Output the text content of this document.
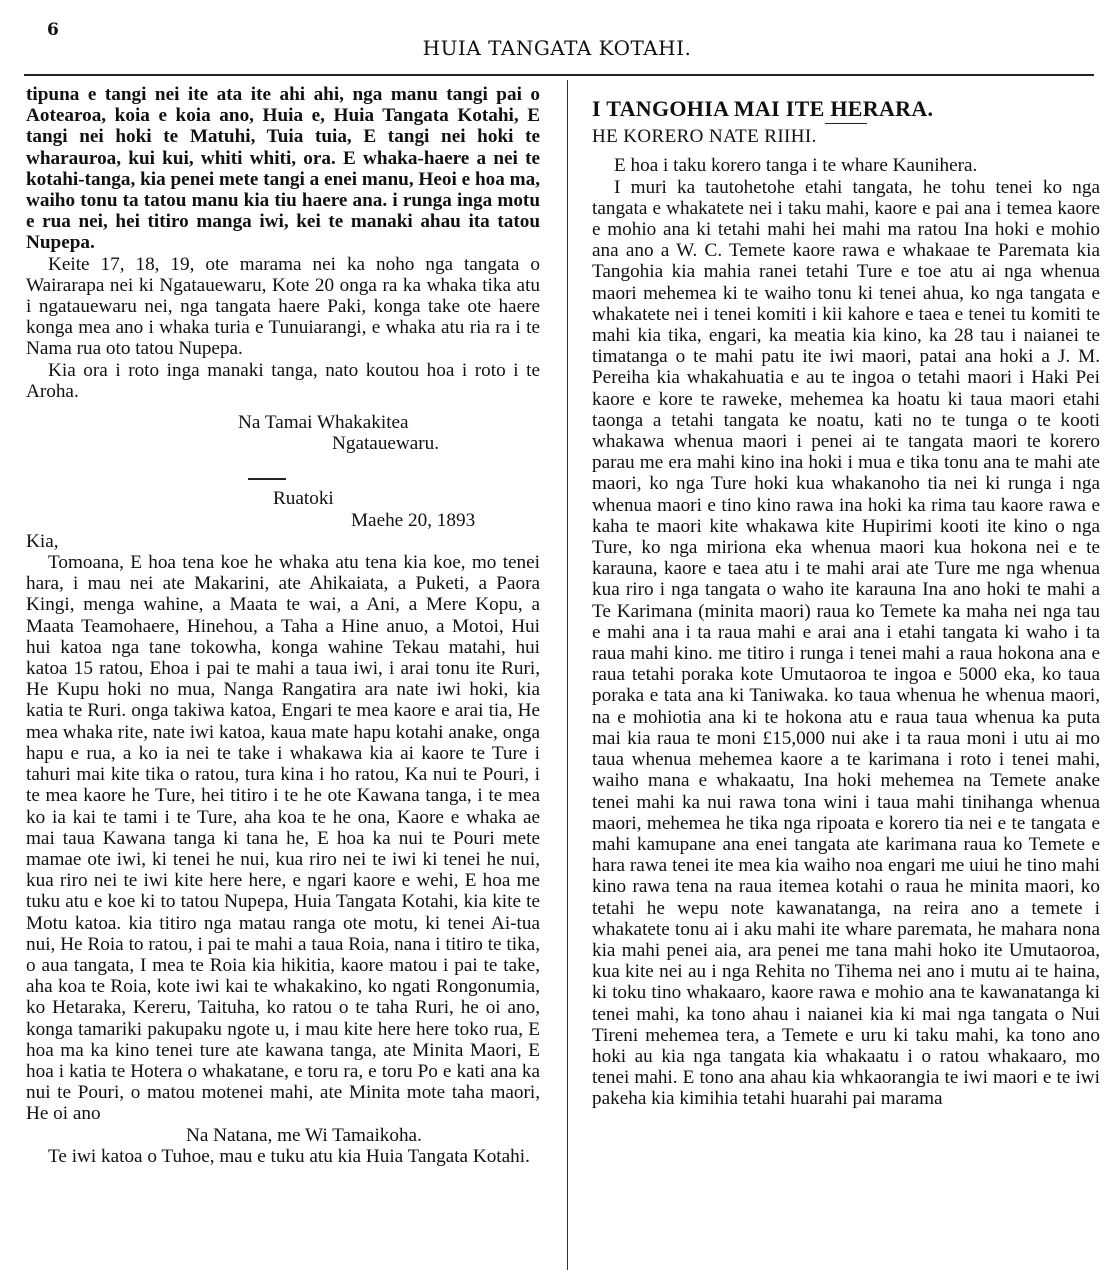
6
HUIA TANGATA KOTAHI.

tipuna e tangi nei ite ata ite ahi ahi, nga manu tangi pai o Aotearoa, koia e koia ano, Huia e, Huia Tangata Kotahi, E tangi nei hoki te Matuhi, Tuia tuia, E tangi nei hoki te wharauroa, kui kui, whiti whiti, ora. E whaka-haere a nei te kotahi-tanga, kia penei mete tangi a enei manu, Heoi e hoa ma, waiho tonu ta tatou manu kia tiu haere ana. i runga inga motu e rua nei, hei titiro manga iwi, kei te manaki ahau ita tatou Nupepa.

Keite 17, 18, 19, ote marama nei ka noho nga tangata o Wairarapa nei ki Ngatauewaru, Kote 20 onga ra ka whaka tika atu i ngatauewaru nei, nga tangata haere Paki, konga take ote haere konga mea ano i whaka turia e Tunuiarangi, e whaka atu ria ra i te Nama rua oto tatou Nupepa.

Kia ora i roto inga manaki tanga, nato koutou hoa i roto i te Aroha.

Na Tamai Whakakitea

Ngatauewaru.

Ruatoki

Maehe 20, 1893

Kia,

Tomoana, E hoa tena koe he whaka atu tena kia koe, mo tenei hara, i mau nei ate Makarini, ate Ahikaiata, a Puketi, a Paora Kingi, menga wahine, a Maata te wai, a Ani, a Mere Kopu, a Maata Teamohaere, Hinehou, a Taha a Hine anuo, a Motoi, Hui hui katoa nga tane tokowha, konga wahine Tekau matahi, hui katoa 15 ratou, Ehoa i pai te mahi a taua iwi, i arai tonu ite Ruri, He Kupu hoki no mua, Nanga Rangatira ara nate iwi hoki, kia katia te Ruri. onga takiwa katoa, Engari te mea kaore e arai tia, He mea whaka rite, nate iwi katoa, kaua mate hapu kotahi anake, onga hapu e rua, a ko ia nei te take i whakawa kia ai kaore te Ture i tahuri mai kite tika o ratou, tura kina i ho ratou, Ka nui te Pouri, i te mea kaore he Ture, hei titiro i te he ote Kawana tanga, i te mea ko ia kai te tami i te Ture, aha koa te he ona, Kaore e whaka ae mai taua Kawana tanga ki tana he, E hoa ka nui te Pouri mete mamae ote iwi, ki tenei he nui, kua riro nei te iwi ki tenei he nui, kua riro nei te iwi kite here here, e ngari kaore e wehi, E hoa me tuku atu e koe ki to tatou Nupepa, Huia Tangata Kotahi, kia kite te Motu katoa. kia titiro nga matau ranga ote motu, ki tenei Ai-tua nui, He Roia to ratou, i pai te mahi a taua Roia, nana i titiro te tika, o aua tangata, I mea te Roia kia hikitia, kaore matou i pai te take, aha koa te Roia, kote iwi kai te whakakino, ko ngati Rongonumia, ko Hetaraka, Kereru, Taituha, ko ratou o te taha Ruri, he oi ano, konga tamariki pakupaku ngote u, i mau kite here here toko rua, E hoa ma ka kino tenei ture ate kawana tanga, ate Minita Maori, E hoa i katia te Hotera o whakatane, e toru ra, e toru Po e kati ana ka nui te Pouri, o matou motenei mahi, ate Minita mote taha maori, He oi ano

Na Natana, me Wi Tamaikoha.

Te iwi katoa o Tuhoe, mau e tuku atu kia Huia Tangata Kotahi.

I TANGOHIA MAI ITE HERARA.

HE KORERO NATE RIIHI.

E hoa i taku korero tanga i te whare Kaunihera.

I muri ka tautohetohe etahi tangata, he tohu tenei ko nga tangata e whakatete nei i taku mahi, kaore e pai ana i temea kaore e mohio ana ki tetahi mahi hei mahi ma ratou Ina hoki e mohio ana ano a W. C. Temete kaore rawa e whakaae te Paremata kia Tangohia kia mahia ranei tetahi Ture e toe atu ai nga whenua maori mehemea ki te waiho tonu ki tenei ahua, ko nga tangata e whakatete nei i tenei komiti i kii kahore e taea e tenei tu komiti te mahi kia tika, engari, ka meatia kia kino, ka 28 tau i naianei te timatanga o te mahi patu ite iwi maori, patai ana hoki a J. M. Pereiha kia whakahuatia e au te ingoa o tetahi maori i Haki Pei kaore e kore te raweke, mehemea ka hoatu ki taua maori etahi taonga a tetahi tangata ke noatu, kati no te tunga o te kooti whakawa whenua maori i penei ai te tangata maori te korero parau me era mahi kino ina hoki i mua e tika tonu ana te mahi ate maori, ko nga Ture hoki kua whakanoho tia nei ki runga i nga whenua maori e tino kino rawa ina hoki ka rima tau kaore rawa e kaha te maori kite whakawa kite Hupirimi kooti ite kino o nga Ture, ko nga miriona eka whenua maori kua hokona nei e te karauna, kaore e taea atu i te mahi arai ate Ture me nga whenua kua riro i nga tangata o waho ite karauna Ina ano hoki te mahi a Te Karimana (minita maori) raua ko Temete ka maha nei nga tau e mahi ana i ta raua mahi e arai ana i etahi tangata ki waho i ta raua mahi kino. me titiro i runga i tenei mahi a raua hokona ana e raua tetahi poraka kote Umutaoroa te ingoa e 5000 eka, ko taua poraka e tata ana ki Taniwaka. ko taua whenua he whenua maori, na e mohiotia ana ki te hokona atu e raua taua whenua ka puta mai kia raua te moni £15,000 nui ake i ta raua moni i utu ai mo taua whenua mehemea kaore a te karimana i roto i tenei mahi, waiho mana e whakaatu, Ina hoki mehemea na Temete anake tenei mahi ka nui rawa tona wini i taua mahi tinihanga whenua maori, mehemea he tika nga ripoata e korero tia nei e te tangata e mahi kamupane ana enei tangata ate karimana raua ko Temete e hara rawa tenei ite mea kia waiho noa engari me uiui he tino mahi kino rawa tena na raua itemea kotahi o raua he minita maori, ko tetahi he wepu note kawanatanga, na reira ano a temete i whakatete tonu ai i aku mahi ite whare paremata, he mahara nona kia mahi penei aia, ara penei me tana mahi hoko ite Umutaoroa, kua kite nei au i nga Rehita no Tihema nei ano i mutu ai te haina, ki toku tino whakaaro, kaore rawa e mohio ana te kawanatanga ki tenei mahi, ka tono ahau i naianei kia ki mai nga tangata o Nui Tireni mehemea tera, a Temete e uru ki taku mahi, ka tono ano hoki au kia nga tangata kia whakaatu i o ratou whakaaro, mo tenei mahi. E tono ana ahau kia whkaorangia te iwi maori e te iwi pakeha kia kimihia tetahi huarahi pai marama
